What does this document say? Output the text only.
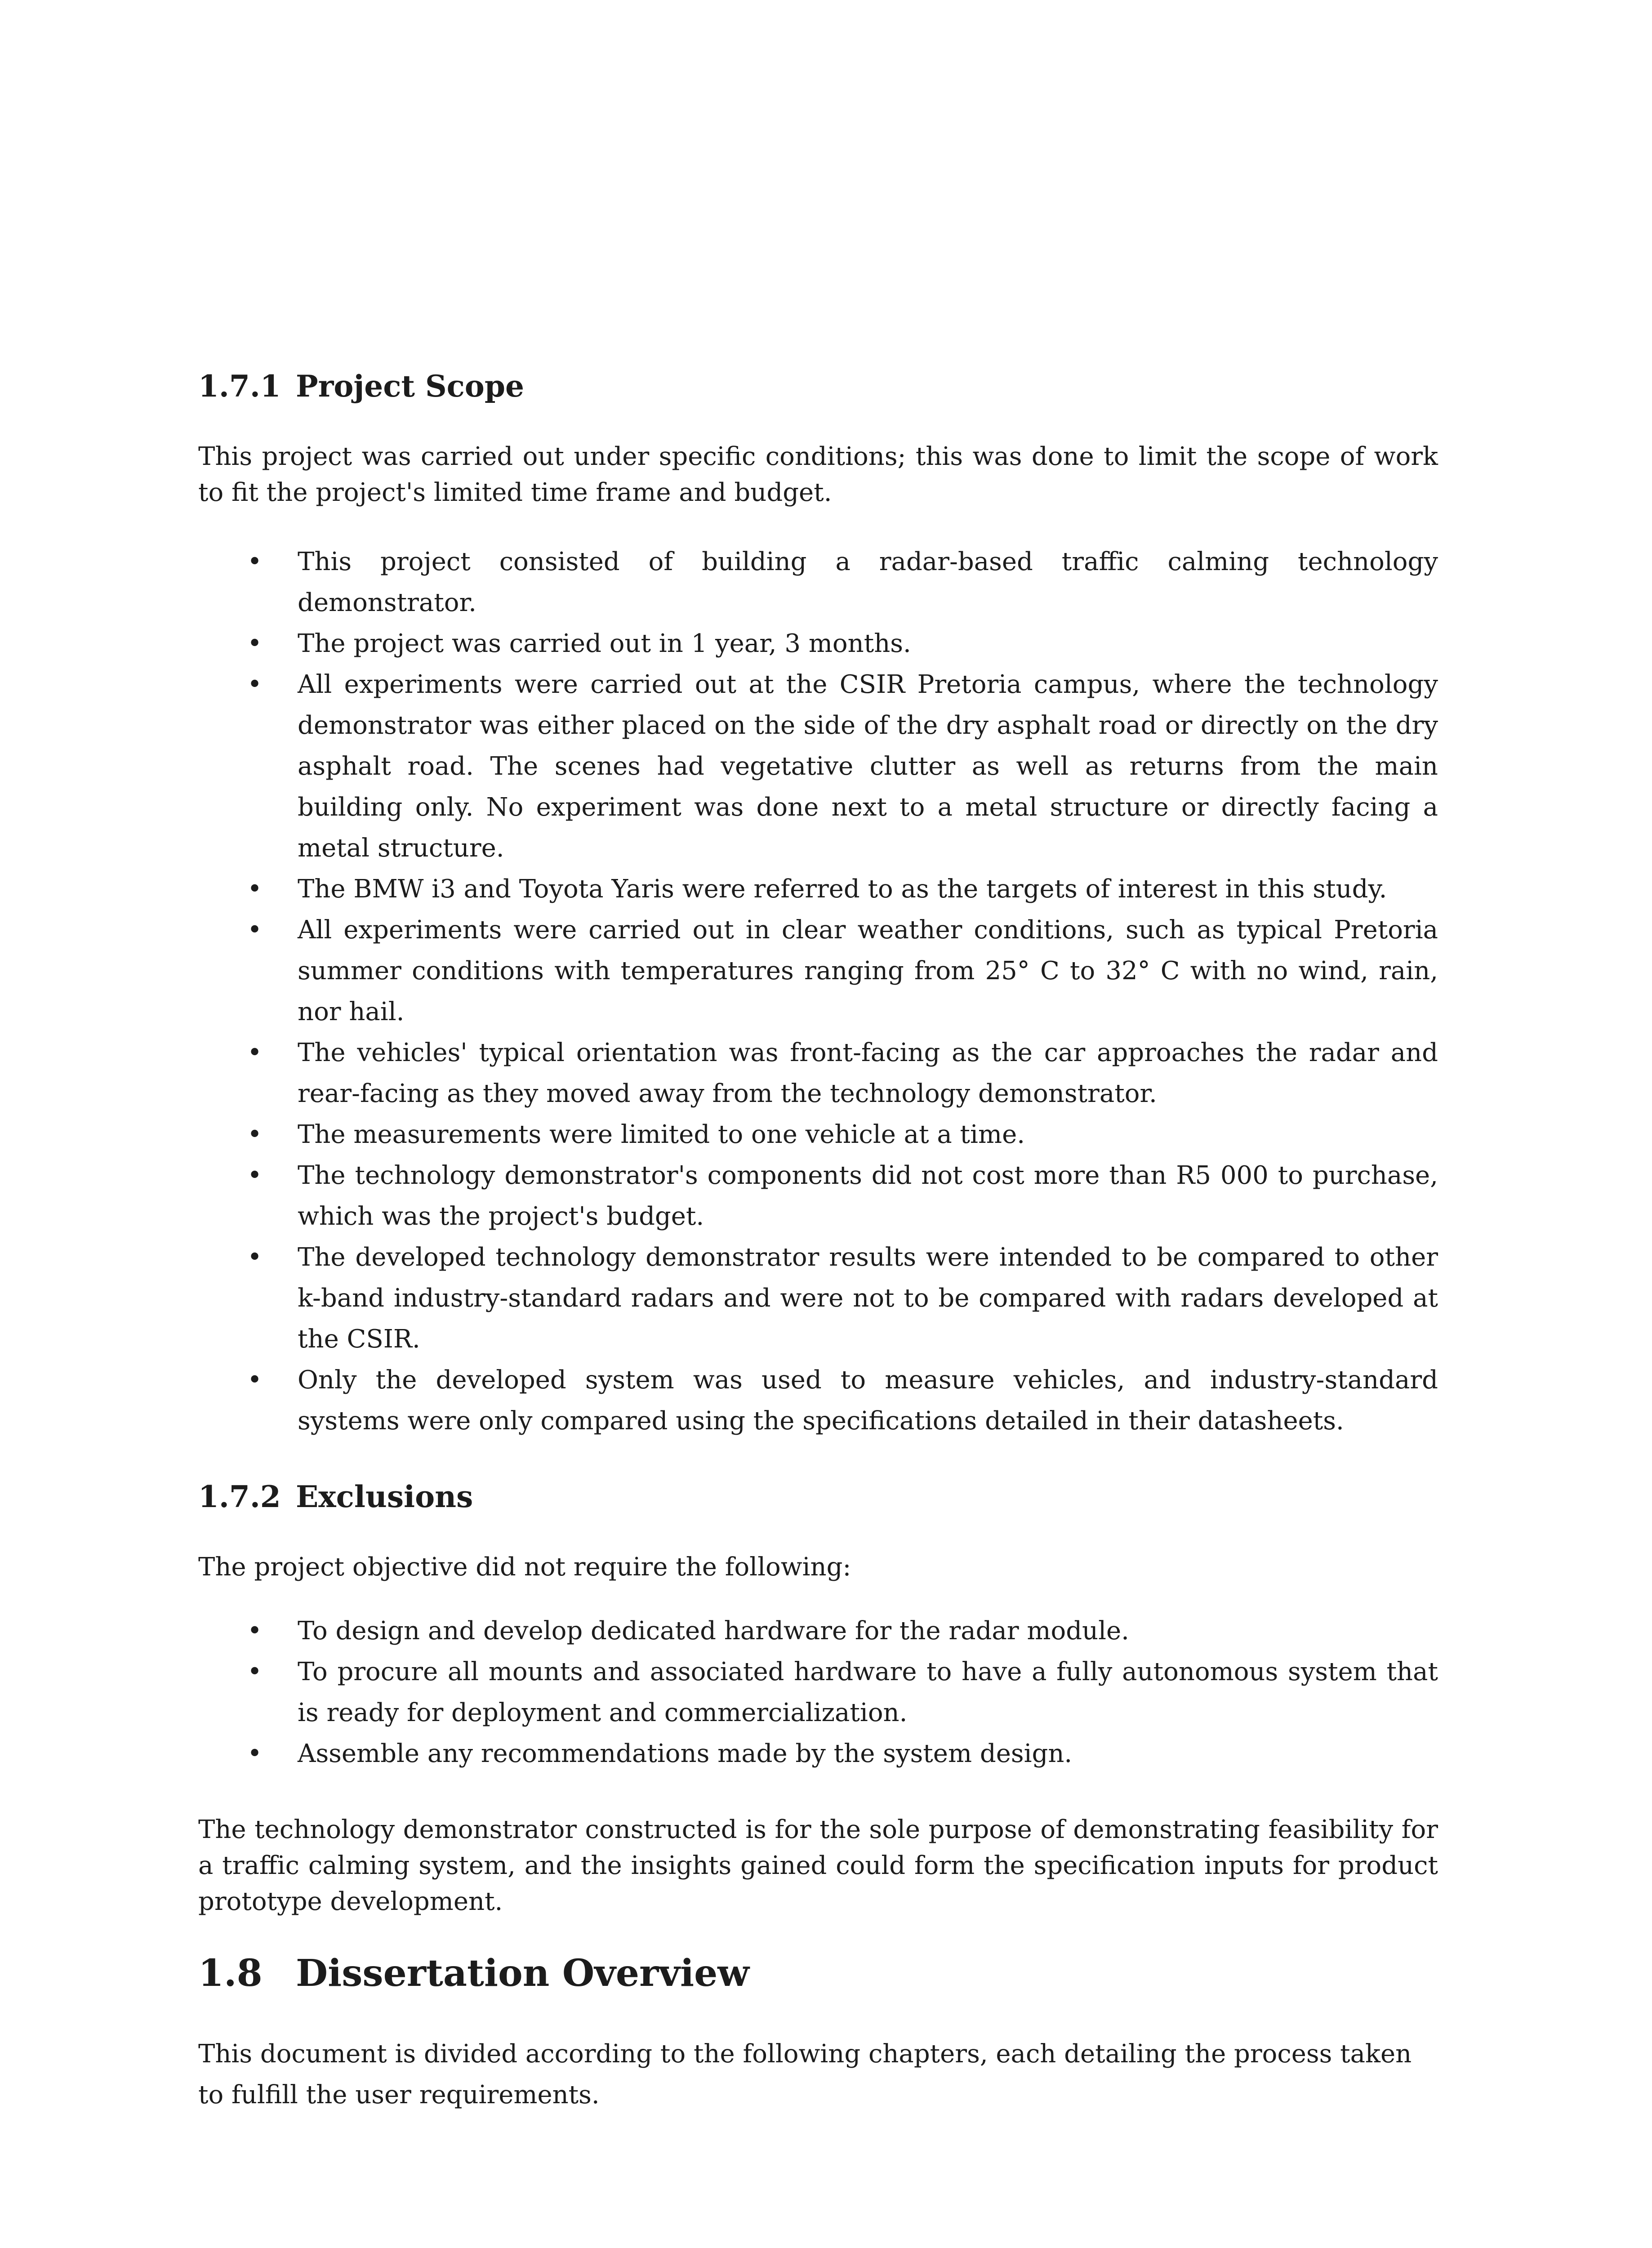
1.7.1 Project Scope

This project was carried out under specific conditions; this was done to limit the scope of work to fit the project's limited time frame and budget.

• This project consisted of building a radar-based traffic calming technology demonstrator.
• The project was carried out in 1 year, 3 months.
• All experiments were carried out at the CSIR Pretoria campus, where the technology demonstrator was either placed on the side of the dry asphalt road or directly on the dry asphalt road. The scenes had vegetative clutter as well as returns from the main building only. No experiment was done next to a metal structure or directly facing a metal structure.
• The BMW i3 and Toyota Yaris were referred to as the targets of interest in this study.
• All experiments were carried out in clear weather conditions, such as typical Pretoria summer conditions with temperatures ranging from 25° C to 32° C with no wind, rain, nor hail.
• The vehicles' typical orientation was front-facing as the car approaches the radar and rear-facing as they moved away from the technology demonstrator.
• The measurements were limited to one vehicle at a time.
• The technology demonstrator's components did not cost more than R5 000 to purchase, which was the project's budget.
• The developed technology demonstrator results were intended to be compared to other k-band industry-standard radars and were not to be compared with radars developed at the CSIR.
• Only the developed system was used to measure vehicles, and industry-standard systems were only compared using the specifications detailed in their datasheets.
1.7.2 Exclusions

The project objective did not require the following:

• To design and develop dedicated hardware for the radar module.
• To procure all mounts and associated hardware to have a fully autonomous system that is ready for deployment and commercialization.
• Assemble any recommendations made by the system design.

The technology demonstrator constructed is for the sole purpose of demonstrating feasibility for a traffic calming system, and the insights gained could form the specification inputs for product prototype development.

1.8 Dissertation Overview

This document is divided according to the following chapters, each detailing the process taken to fulfill the user requirements.
